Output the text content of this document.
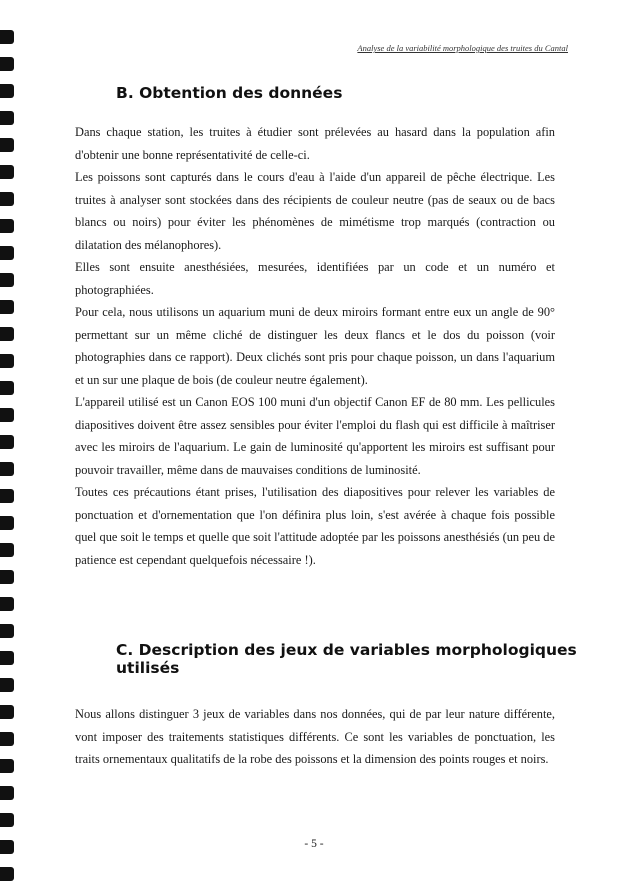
Analyse de la variabilité morphologique des truites du Cantal
B. Obtention des données

Dans chaque station, les truites à étudier sont prélevées au hasard dans la population afin d'obtenir une bonne représentativité de celle-ci.

Les poissons sont capturés dans le cours d'eau à l'aide d'un appareil de pêche électrique. Les truites à analyser sont stockées dans des récipients de couleur neutre (pas de seaux ou de bacs blancs ou noirs) pour éviter les phénomènes de mimétisme trop marqués (contraction ou dilatation des mélanophores).

Elles sont ensuite anesthésiées, mesurées, identifiées par un code et un numéro et photographiées.

Pour cela, nous utilisons un aquarium muni de deux miroirs formant entre eux un angle de 90° permettant sur un même cliché de distinguer les deux flancs et le dos du poisson (voir photographies dans ce rapport). Deux clichés sont pris pour chaque poisson, un dans l'aquarium et un sur une plaque de bois (de couleur neutre également).

L'appareil utilisé est un Canon EOS 100 muni d'un objectif Canon EF de 80 mm. Les pellicules diapositives doivent être assez sensibles pour éviter l'emploi du flash qui est difficile à maîtriser avec les miroirs de l'aquarium. Le gain de luminosité qu'apportent les miroirs est suffisant pour pouvoir travailler, même dans de mauvaises conditions de luminosité.

Toutes ces précautions étant prises, l'utilisation des diapositives pour relever les variables de ponctuation et d'ornementation que l'on définira plus loin, s'est avérée à chaque fois possible quel que soit le temps et quelle que soit l'attitude adoptée par les poissons anesthésiés (un peu de patience est cependant quelquefois nécessaire !).

C. Description des jeux de variables morphologiques utilisés

Nous allons distinguer 3 jeux de variables dans nos données, qui de par leur nature différente, vont imposer des traitements statistiques différents. Ce sont les variables de ponctuation, les traits ornementaux qualitatifs de la robe des poissons et la dimension des points rouges et noirs.

- 5 -
